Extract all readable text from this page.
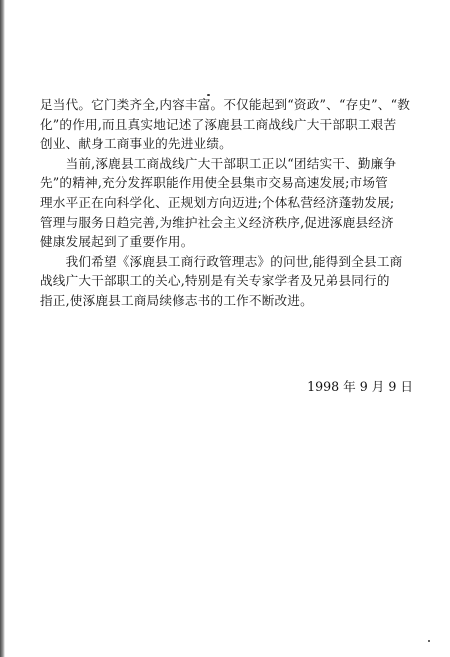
足当代。它门类齐全,内容丰富。不仅能起到“资政”、“存史”、“教
化”的作用,而且真实地记述了涿鹿县工商战线广大干部职工艰苦
创业、献身工商事业的先进业绩。
　　当前,涿鹿县工商战线广大干部职工正以“团结实干、勤廉争
先”的精神,充分发挥职能作用使全县集市交易高速发展;市场管
理水平正在向科学化、正规划方向迈进;个体私营经济蓬勃发展;
管理与服务日趋完善,为维护社会主义经济秩序,促进涿鹿县经济
健康发展起到了重要作用。
　　我们希望《涿鹿县工商行政管理志》的问世,能得到全县工商
战线广大干部职工的关心,特别是有关专家学者及兄弟县同行的
指正,使涿鹿县工商局续修志书的工作不断改进。
1998 年 9 月 9 日
